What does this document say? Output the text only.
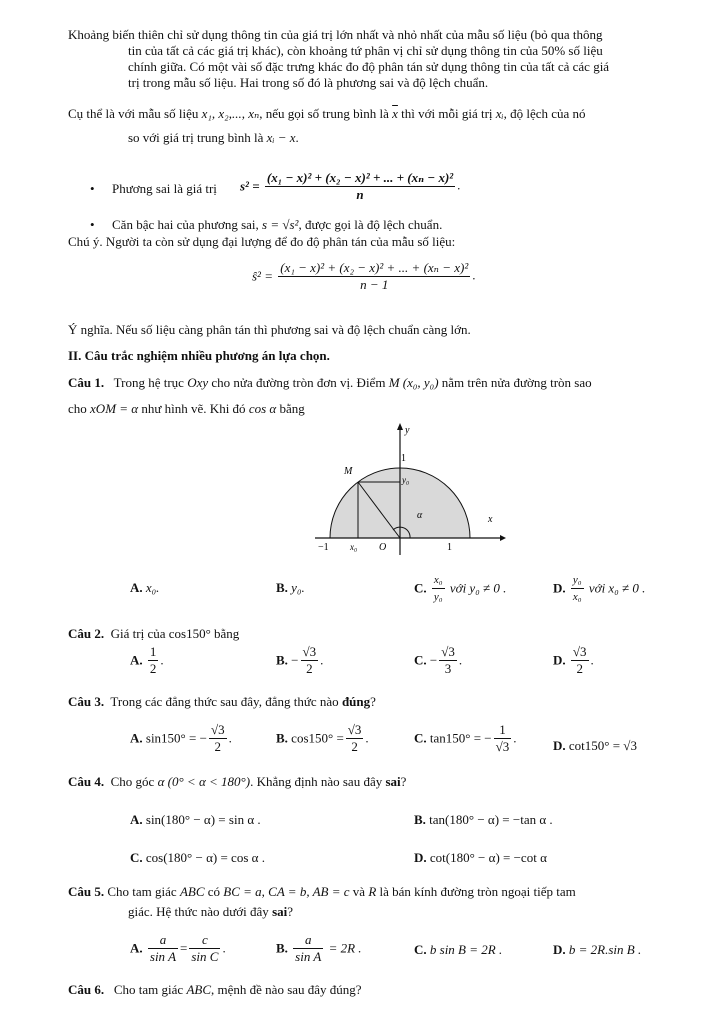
Khoảng biến thiên chỉ sử dụng thông tin của giá trị lớn nhất và nhỏ nhất của mẫu số liệu (bỏ qua thông
tin của tất cả các giá trị khác), còn khoảng tứ phân vị chỉ sử dụng thông tin của 50% số liệu
chính giữa. Có một vài số đặc trưng khác đo độ phân tán sử dụng thông tin của tất cả các giá
trị trong mẫu số liệu. Hai trong số đó là phương sai và độ lệch chuẩn.
Cụ thể là với mẫu số liệu x₁, x₂,..., xₙ, nếu gọi số trung bình là $\overline{x}$ thì với mỗi giá trị xᵢ, độ lệch của nó
so với giá trị trung bình là xᵢ − x.
• Phương sai là giá trị $s^2 = \frac{\text{(x₁ − x)² + (x₂ − x)² + ... + (xₙ − x)²}}{n}$ .
• Căn bậc hai của phương sai, s = √s², được gọi là độ lệch chuẩn.
Chú ý. Người ta còn sử dụng đại lượng để đo độ phân tán của mẫu số liệu:
ŝ² = $\frac{\text{(x₁ − x)² + (x₂ − x)² + ... + (xₙ − x)²}}{n - 1}$ .
Ý nghĩa. Nếu số liệu càng phân tán thì phương sai và độ lệch chuẩn càng lớn.
II. Câu trắc nghiệm nhiều phương án lựa chọn.
Câu 1. Trong hệ trục Oxy cho nửa đường tròn đơn vị. Điểm M (x₀, y₀) nằm trên nửa đường tròn sao
cho xOM = α như hình vẽ. Khi đó cos α bằng
y
1
M
y₀
α	x
−1 x₀ O	1
A. x₀.	B. y₀.	C. $\frac{\text{x₀}}{\text{y₀}}$ với y₀ ≠ 0 .	D. $\frac{\text{y₀}}{\text{x₀}}$ với x₀ ≠ 0 .
Câu 2. Giá trị của cos150° bằng
A. $\frac{1}{2}$ .	B. − $\frac{√3}{2}$ .	C. − $\frac{√3}{3}$ .	D. $\frac{√3}{2}$ .
Câu 3. Trong các đẳng thức sau đây, đẳng thức nào đúng?
A. sin150° = − $\frac{√3}{2}$ .	B. $\cos 150^\circ = \frac{√3}{2}$ .	C. tan150° = − $\frac{1}{√3}$ .	D. cot150° = √3
Câu 4. Cho góc α (0° < α < 180°). Khẳng định nào sau đây sai?
A. sin(180° − α) = sin α .	B. tan(180° − α) = −tan α .
C. cos(180° − α) = cos α .	D. cot(180° − α) = −cot α
Câu 5. Cho tam giác ABC có BC = a, CA = b, AB = c và R là bán kính đường tròn ngoại tiếp tam
giác. Hệ thức nào dưới đây sai?
A. $\frac{a}{\text{sin A}} = \frac{c}{\text{sin C}}$ .	B. $\frac{a}{\text{sin A}} = 2R$ .	C. b sin B = 2R .	D. b = 2R.sin B .
Câu 6. Cho tam giác ABC, mệnh đề nào sau đây đúng?
